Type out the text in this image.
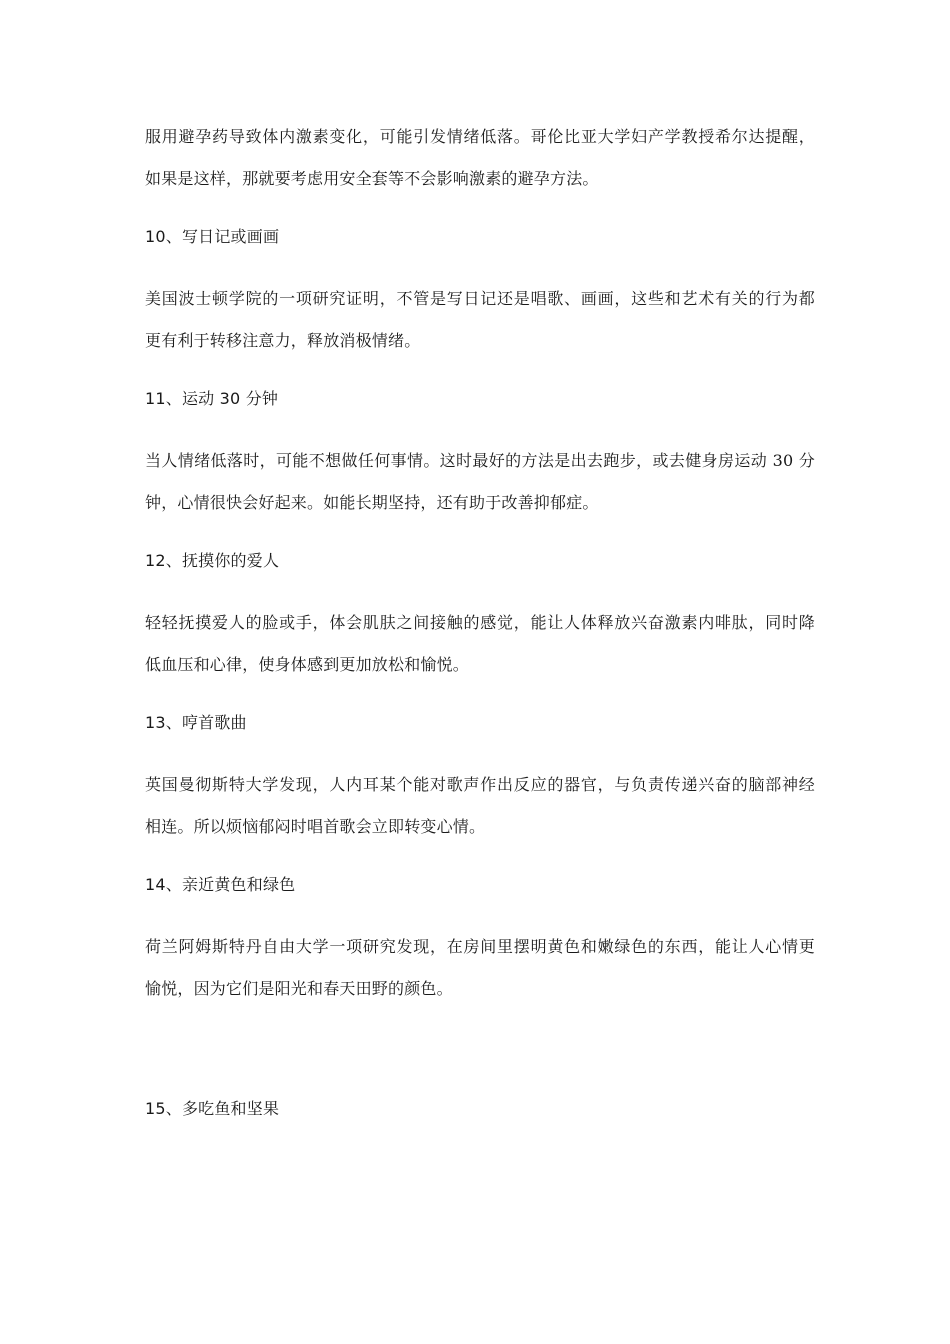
服用避孕药导致体内激素变化，可能引发情绪低落。哥伦比亚大学妇产学教授希尔达提醒，
如果是这样，那就要考虑用安全套等不会影响激素的避孕方法。
10、写日记或画画
美国波士顿学院的一项研究证明，不管是写日记还是唱歌、画画，这些和艺术有关的行为都
更有利于转移注意力，释放消极情绪。
11、运动 30 分钟
当人情绪低落时，可能不想做任何事情。这时最好的方法是出去跑步，或去健身房运动 30 分
钟，心情很快会好起来。如能长期坚持，还有助于改善抑郁症。
12、抚摸你的爱人
轻轻抚摸爱人的脸或手，体会肌肤之间接触的感觉，能让人体释放兴奋激素内啡肽，同时降
低血压和心律，使身体感到更加放松和愉悦。
13、哼首歌曲
英国曼彻斯特大学发现，人内耳某个能对歌声作出反应的器官，与负责传递兴奋的脑部神经
相连。所以烦恼郁闷时唱首歌会立即转变心情。
14、亲近黄色和绿色
荷兰阿姆斯特丹自由大学一项研究发现，在房间里摆明黄色和嫩绿色的东西，能让人心情更
愉悦，因为它们是阳光和春天田野的颜色。
15、多吃鱼和坚果
